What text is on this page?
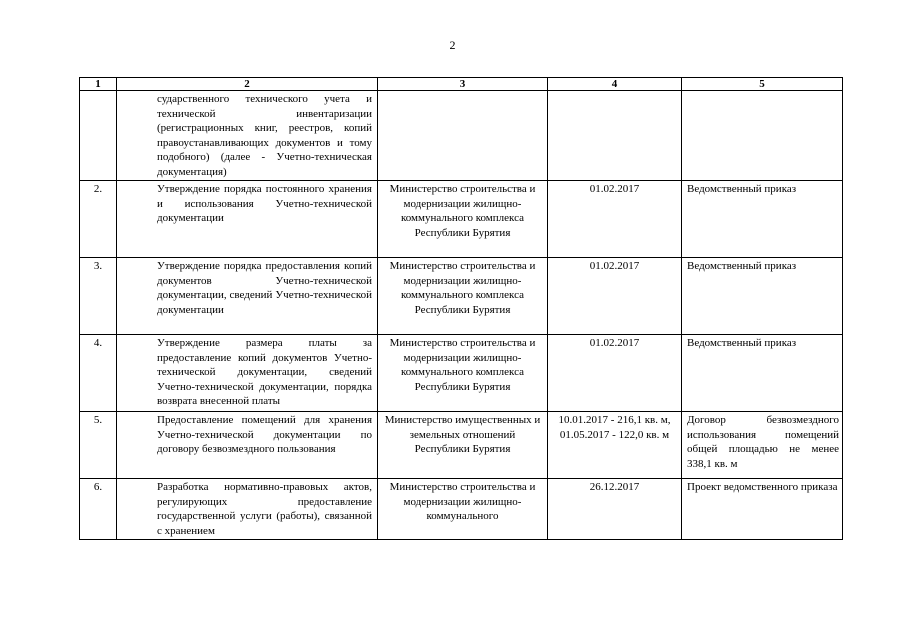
2
1	2	3	4	5
	сударственного технического учета и технической инвентаризации (регистрационных книг, реестров, копий правоустанавливающих документов и тому подобного) (далее - Учетно-техническая документация)			
2.	Утверждение порядка постоянного хранения и использования Учетно-технической документации	Министерство строительства и модернизации жилищно-коммунального комплекса Республики Бурятия	01.02.2017	Ведомственный приказ
3.	Утверждение порядка предоставления копий документов Учетно-технической документации, сведений Учетно-технической документации	Министерство строительства и модернизации жилищно-коммунального комплекса Республики Бурятия	01.02.2017	Ведомственный приказ
4.	Утверждение размера платы за предоставление копий документов Учетно-технической документации, сведений Учетно-технической документации, порядка возврата внесенной платы	Министерство строительства и модернизации жилищно-коммунального комплекса Республики Бурятия	01.02.2017	Ведомственный приказ
5.	Предоставление помещений для хранения Учетно-технической документации по договору безвозмездного пользования	Министерство имущественных и земельных отношений Республики Бурятия	10.01.2017 - 216,1 кв. м, 01.05.2017 - 122,0 кв. м	Договор безвозмездного использования помещений общей площадью не менее 338,1 кв. м
6.	Разработка нормативно-правовых актов, регулирующих предоставление государственной услуги (работы), связанной с хранением	Министерство строительства и модернизации жилищно-коммунального	26.12.2017	Проект ведомственного приказа
